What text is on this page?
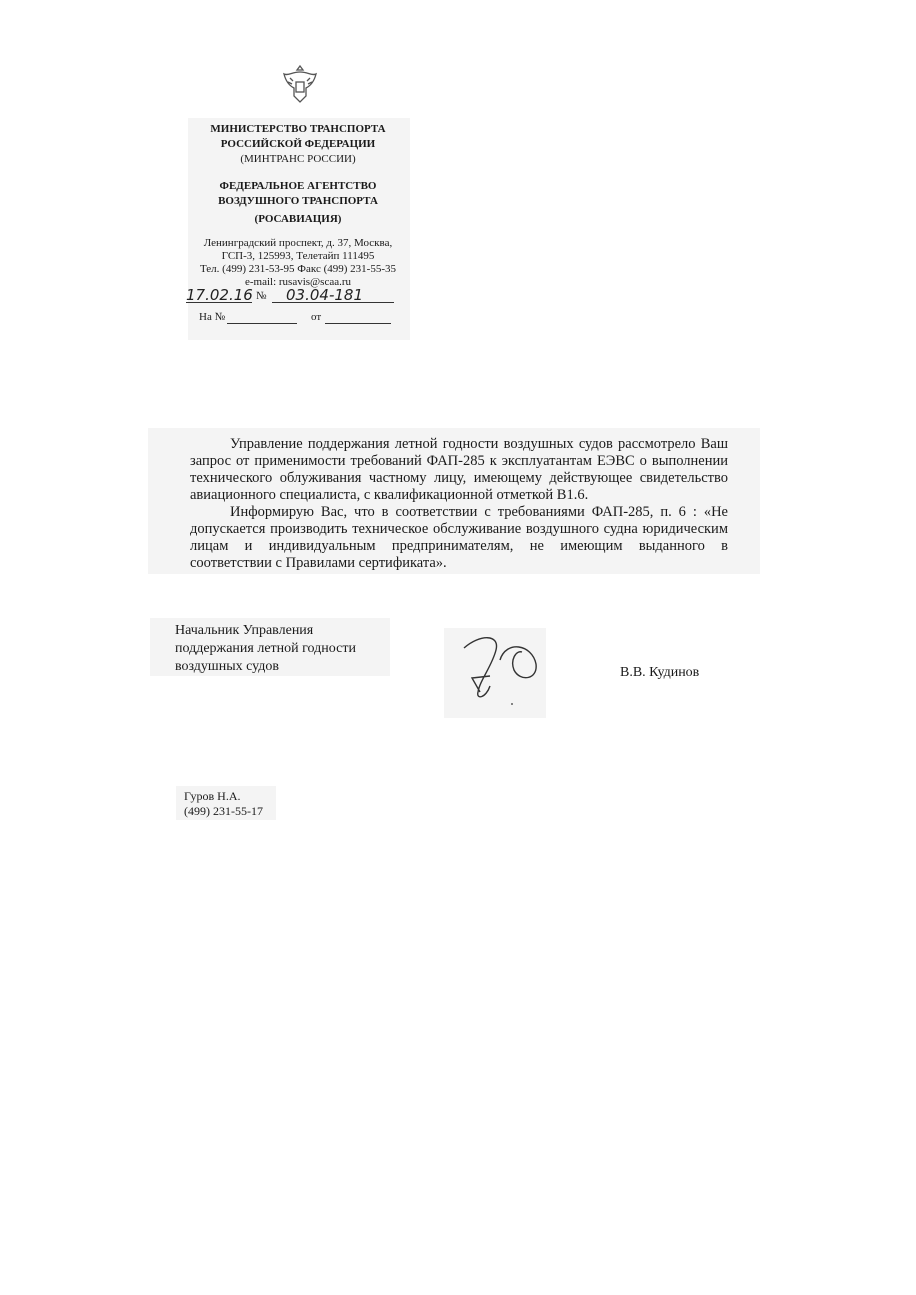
МИНИСТЕРСТВО ТРАНСПОРТА
РОССИЙСКОЙ ФЕДЕРАЦИИ
(МИНТРАНС РОССИИ)
ФЕДЕРАЛЬНОЕ АГЕНТСТВО
ВОЗДУШНОГО ТРАНСПОРТА
(РОСАВИАЦИЯ)
Ленинградский проспект, д. 37, Москва,
ГСП-3, 125993, Телетайп 111495
Тел. (499) 231-53-95 Факс (499) 231-55-35
e-mail: rusavis@scaa.ru
17.02.16 № 03.04-181
На №	от
Управление поддержания летной годности воздушных судов рассмотрело Ваш
запрос от применимости требований ФАП-285 к эксплуатантам ЕЭВС о выполнении
технического облуживания частному лицу, имеющему действующее свидетельство
авиационного специалиста, с квалификационной отметкой В1.6.
Информирую Вас, что в соответствии с требованиями ФАП-285, п. 6 : «Не
допускается производить техническое обслуживание воздушного судна юридическим
лицам и индивидуальным предпринимателям, не имеющим выданного в
соответствии с Правилами сертификата».
Начальник Управления
поддержания летной годности
воздушных судов	В.В. Кудинов
Гуров Н.А.
(499) 231-55-17
